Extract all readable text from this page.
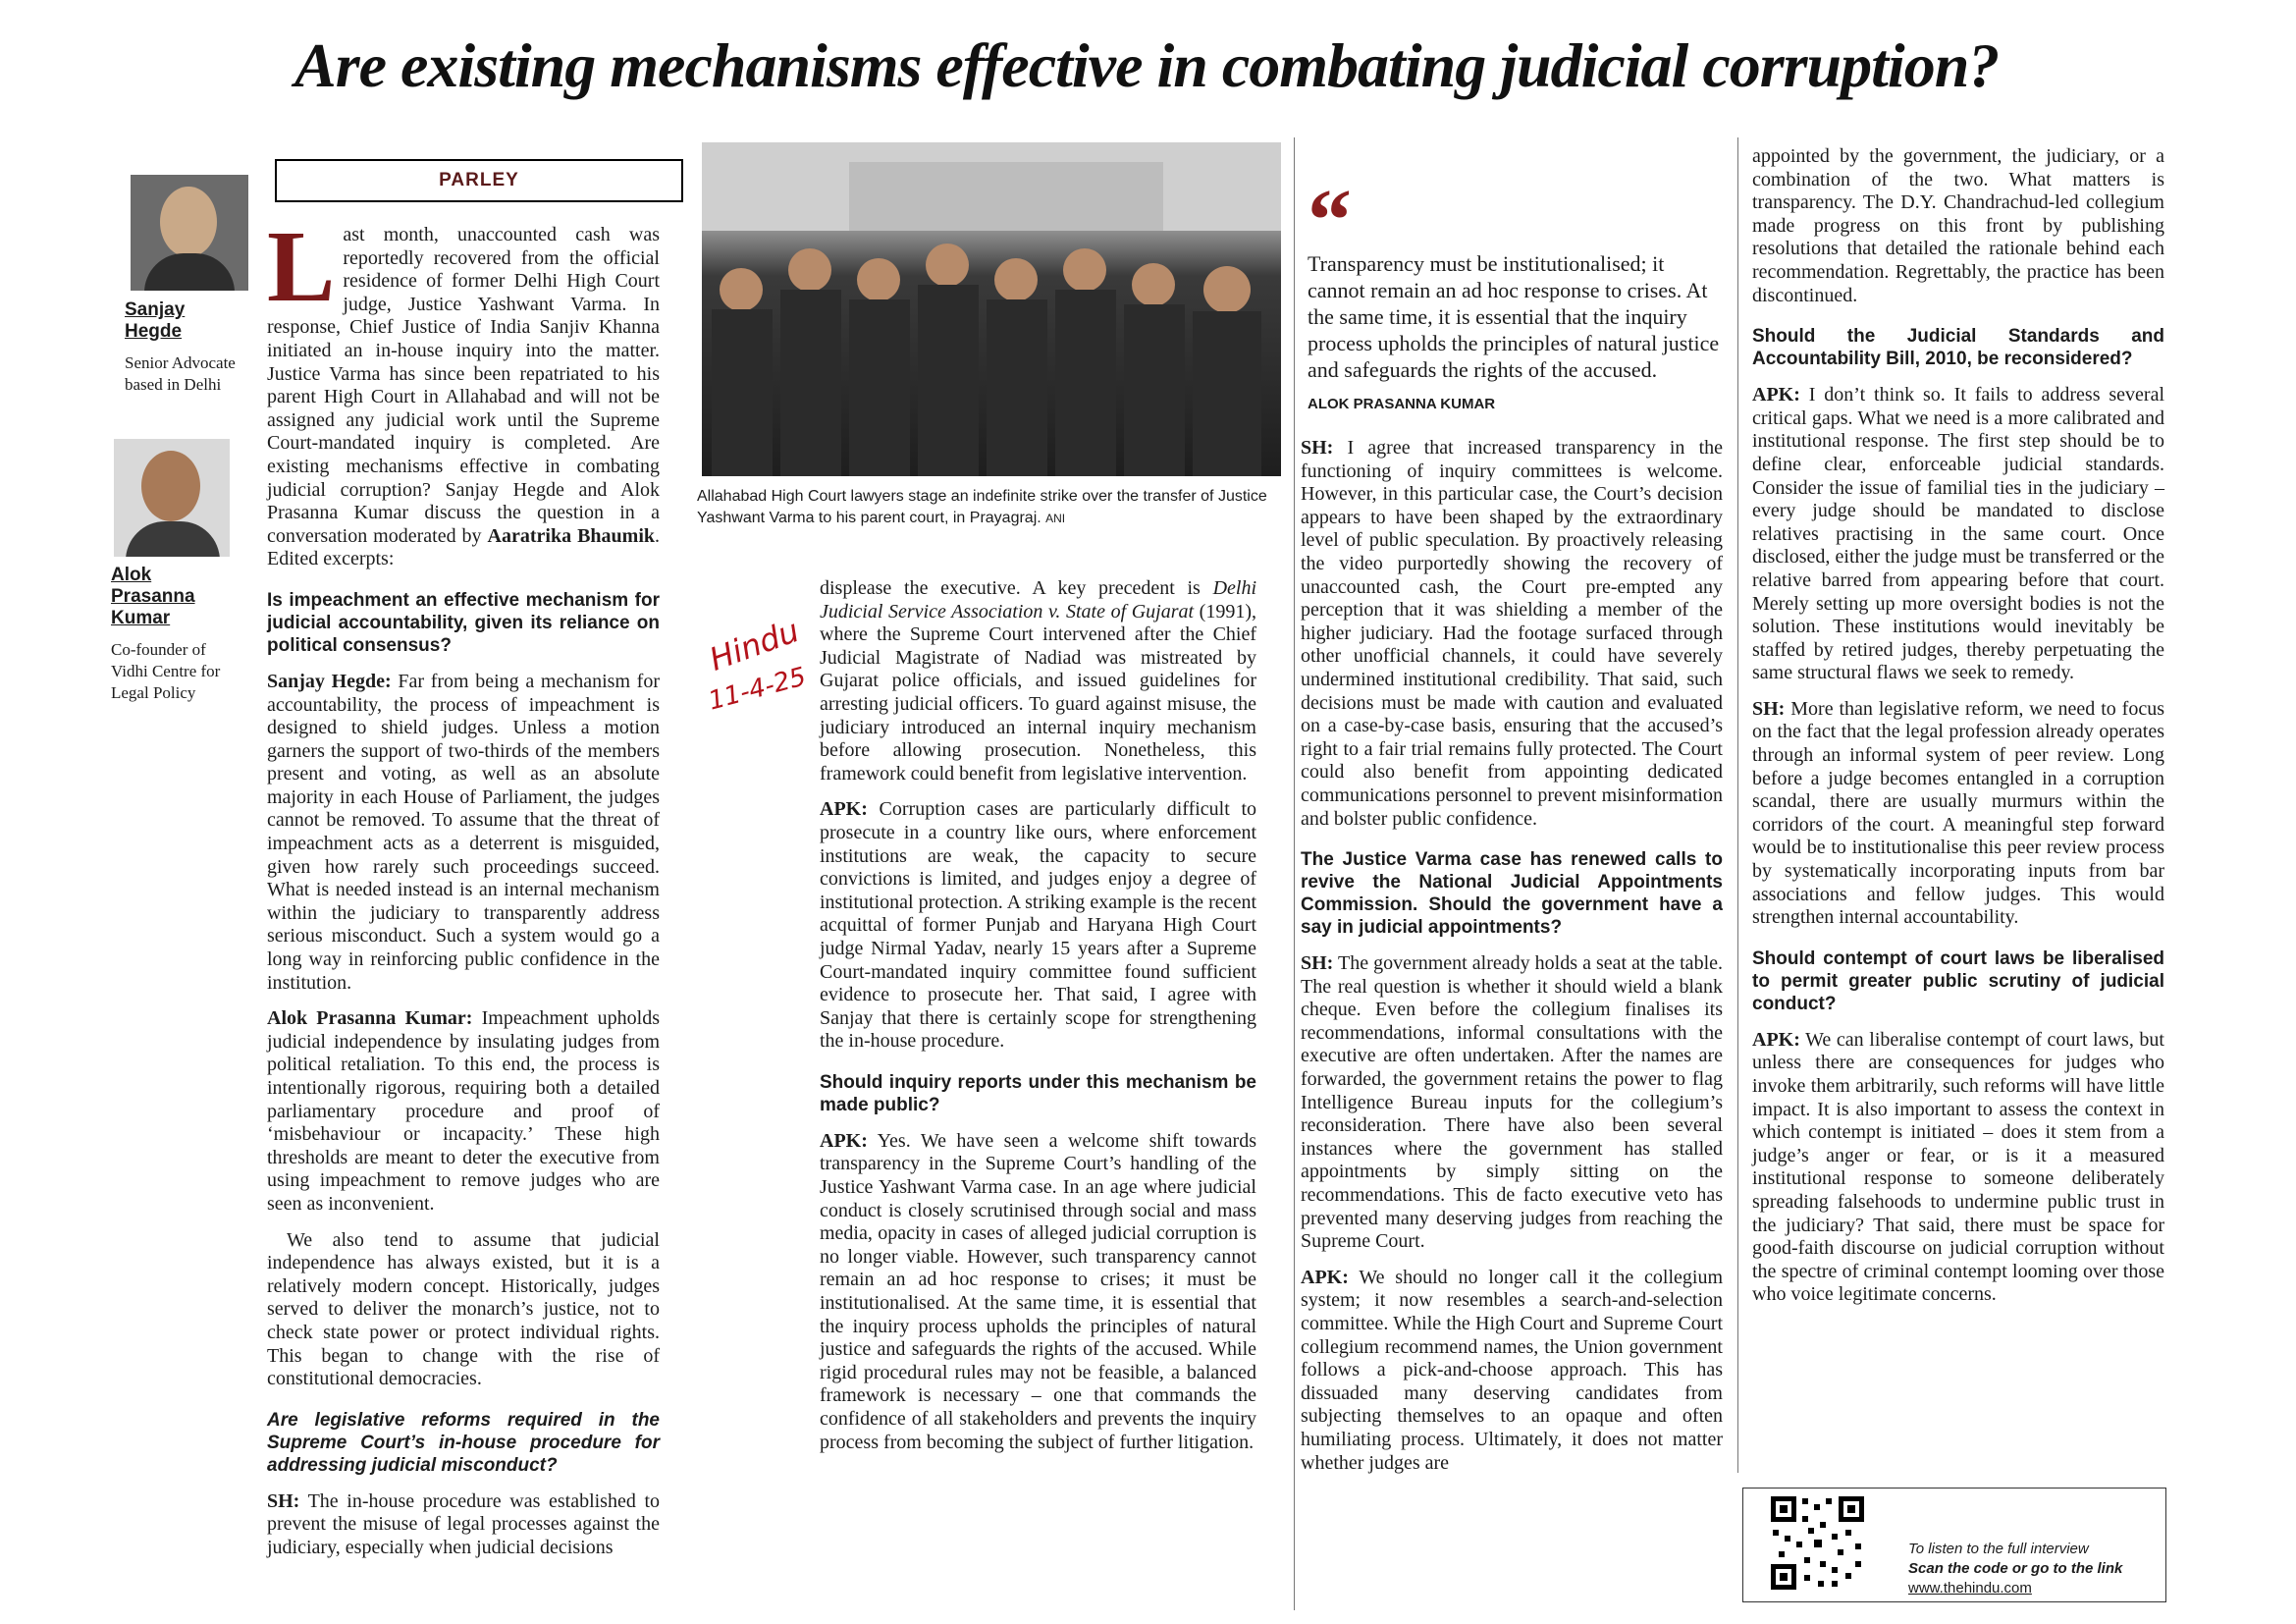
Are existing mechanisms effective in combating judicial corruption?
Sanjay
Hegde
Senior Advocate
based in Delhi
Alok
Prasanna
Kumar
Co-founder of
Vidhi Centre for
Legal Policy
PARLEY

Last month, unaccounted cash was reportedly recovered from the official residence of former Delhi High Court judge, Justice Yashwant Varma. In response, Chief Justice of India Sanjiv Khanna initiated an in-house inquiry into the matter. Justice Varma has since been repatriated to his parent High Court in Allahabad and will not be assigned any judicial work until the Supreme Court-mandated inquiry is completed. Are existing mechanisms effective in combating judicial corruption? Sanjay Hegde and Alok Prasanna Kumar discuss the question in a conversation moderated by Aaratrika Bhaumik. Edited excerpts:

Is impeachment an effective mechanism for judicial accountability, given its reliance on political consensus?

Sanjay Hegde: Far from being a mechanism for accountability, the process of impeachment is designed to shield judges. Unless a motion garners the support of two-thirds of the members present and voting, as well as an absolute majority in each House of Parliament, the judges cannot be removed. To assume that the threat of impeachment acts as a deterrent is misguided, given how rarely such proceedings succeed. What is needed instead is an internal mechanism within the judiciary to transparently address serious misconduct. Such a system would go a long way in reinforcing public confidence in the institution.

Alok Prasanna Kumar: Impeachment upholds judicial independence by insulating judges from political retaliation. To this end, the process is intentionally rigorous, requiring both a detailed parliamentary procedure and proof of ‘misbehaviour or incapacity.’ These high thresholds are meant to deter the executive from using impeachment to remove judges who are seen as inconvenient.

We also tend to assume that judicial independence has always existed, but it is a relatively modern concept. Historically, judges served to deliver the monarch’s justice, not to check state power or protect individual rights. This began to change with the rise of constitutional democracies.

Are legislative reforms required in the Supreme Court’s in-house procedure for addressing judicial misconduct?

SH: The in-house procedure was established to prevent the misuse of legal processes against the judiciary, especially when judicial decisions

Allahabad High Court lawyers stage an indefinite strike over the transfer of Justice Yashwant Varma to his parent court, in Prayagraj. ANI
Hindu
11-4-25

displease the executive. A key precedent is Delhi Judicial Service Association v. State of Gujarat (1991), where the Supreme Court intervened after the Chief Judicial Magistrate of Nadiad was mistreated by Gujarat police officials, and issued guidelines for arresting judicial officers. To guard against misuse, the judiciary introduced an internal inquiry mechanism before allowing prosecution. Nonetheless, this framework could benefit from legislative intervention.

APK: Corruption cases are particularly difficult to prosecute in a country like ours, where enforcement institutions are weak, the capacity to secure convictions is limited, and judges enjoy a degree of institutional protection. A striking example is the recent acquittal of former Punjab and Haryana High Court judge Nirmal Yadav, nearly 15 years after a Supreme Court-mandated inquiry committee found sufficient evidence to prosecute her. That said, I agree with Sanjay that there is certainly scope for strengthening the in-house procedure.

Should inquiry reports under this mechanism be made public?

APK: Yes. We have seen a welcome shift towards transparency in the Supreme Court’s handling of the Justice Yashwant Varma case. In an age where judicial conduct is closely scrutinised through social and mass media, opacity in cases of alleged judicial corruption is no longer viable. However, such transparency cannot remain an ad hoc response to crises; it must be institutionalised. At the same time, it is essential that the inquiry process upholds the principles of natural justice and safeguards the rights of the accused. While rigid procedural rules may not be feasible, a balanced framework is necessary – one that commands the confidence of all stakeholders and prevents the inquiry process from becoming the subject of further litigation.

“
Transparency must be institutionalised; it cannot remain an ad hoc response to crises. At the same time, it is essential that the inquiry process upholds the principles of natural justice and safeguards the rights of the accused.
ALOK PRASANNA KUMAR

SH: I agree that increased transparency in the functioning of inquiry committees is welcome. However, in this particular case, the Court’s decision appears to have been shaped by the extraordinary level of public speculation. By proactively releasing the video purportedly showing the recovery of unaccounted cash, the Court pre-empted any perception that it was shielding a member of the higher judiciary. Had the footage surfaced through other unofficial channels, it could have severely undermined institutional credibility. That said, such decisions must be made with caution and evaluated on a case-by-case basis, ensuring that the accused’s right to a fair trial remains fully protected. The Court could also benefit from appointing dedicated communications personnel to prevent misinformation and bolster public confidence.

The Justice Varma case has renewed calls to revive the National Judicial Appointments Commission. Should the government have a say in judicial appointments?

SH: The government already holds a seat at the table. The real question is whether it should wield a blank cheque. Even before the collegium finalises its recommendations, informal consultations with the executive are often undertaken. After the names are forwarded, the government retains the power to flag Intelligence Bureau inputs for the collegium’s reconsideration. There have also been several instances where the government has stalled appointments by simply sitting on the recommendations. This de facto executive veto has prevented many deserving judges from reaching the Supreme Court.

APK: We should no longer call it the collegium system; it now resembles a search-and-selection committee. While the High Court and Supreme Court collegium recommend names, the Union government follows a pick-and-choose approach. This has dissuaded many deserving candidates from subjecting themselves to an opaque and often humiliating process. Ultimately, it does not matter whether judges are

appointed by the government, the judiciary, or a combination of the two. What matters is transparency. The D.Y. Chandrachud-led collegium made progress on this front by publishing resolutions that detailed the rationale behind each recommendation. Regrettably, the practice has been discontinued.

Should the Judicial Standards and Accountability Bill, 2010, be reconsidered?

APK: I don’t think so. It fails to address several critical gaps. What we need is a more calibrated and institutional response. The first step should be to define clear, enforceable judicial standards. Consider the issue of familial ties in the judiciary – every judge should be mandated to disclose relatives practising in the same court. Once disclosed, either the judge must be transferred or the relative barred from appearing before that court. Merely setting up more oversight bodies is not the solution. These institutions would inevitably be staffed by retired judges, thereby perpetuating the same structural flaws we seek to remedy.

SH: More than legislative reform, we need to focus on the fact that the legal profession already operates through an informal system of peer review. Long before a judge becomes entangled in a corruption scandal, there are usually murmurs within the corridors of the court. A meaningful step forward would be to institutionalise this peer review process by systematically incorporating inputs from bar associations and fellow judges. This would strengthen internal accountability.

Should contempt of court laws be liberalised to permit greater public scrutiny of judicial conduct?

APK: We can liberalise contempt of court laws, but unless there are consequences for judges who invoke them arbitrarily, such reforms will have little impact. It is also important to assess the context in which contempt is initiated – does it stem from a judge’s anger or fear, or is it a measured institutional response to someone deliberately spreading falsehoods to undermine public trust in the judiciary? That said, there must be space for good-faith discourse on judicial corruption without the spectre of criminal contempt looming over those who voice legitimate concerns.

To listen to the full interview
Scan the code or go to the link
www.thehindu.com
